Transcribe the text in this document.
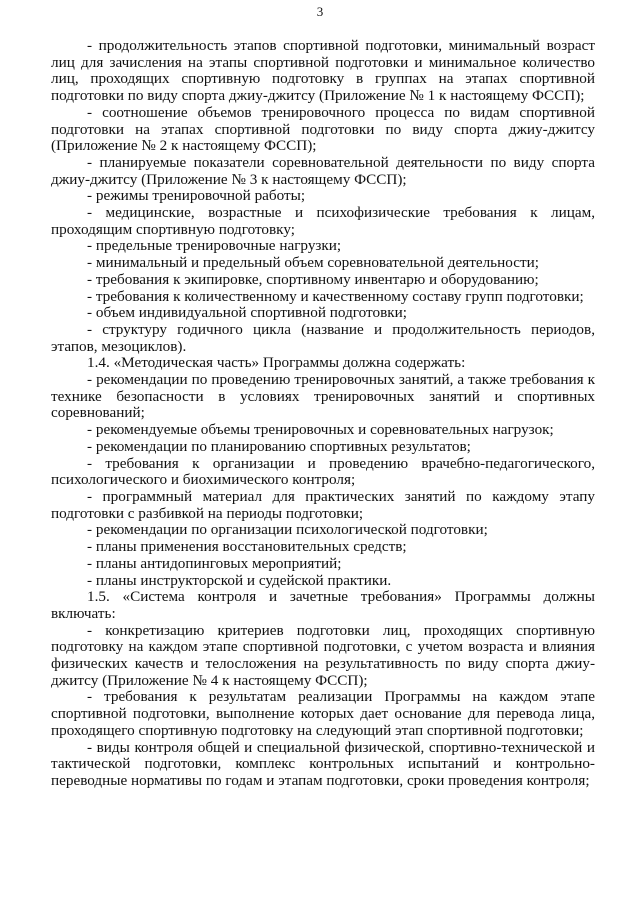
3

- продолжительность этапов спортивной подготовки, минимальный возраст лиц для зачисления на этапы спортивной подготовки и минимальное количество лиц, проходящих спортивную подготовку в группах на этапах спортивной подготовки по виду спорта джиу-джитсу (Приложение № 1 к настоящему ФССП);

- соотношение объемов тренировочного процесса по видам спортивной подготовки на этапах спортивной подготовки по виду спорта джиу-джитсу (Приложение № 2 к настоящему ФССП);

- планируемые показатели соревновательной деятельности по виду спорта джиу-джитсу (Приложение № 3 к настоящему ФССП);

- режимы тренировочной работы;

- медицинские, возрастные и психофизические требования к лицам, проходящим спортивную подготовку;

- предельные тренировочные нагрузки;

- минимальный и предельный объем соревновательной деятельности;

- требования к экипировке, спортивному инвентарю и оборудованию;

- требования к количественному и качественному составу групп подготовки;

- объем индивидуальной спортивной подготовки;

- структуру годичного цикла (название и продолжительность периодов, этапов, мезоциклов).

1.4. «Методическая часть» Программы должна содержать:

- рекомендации по проведению тренировочных занятий, а также требования к технике безопасности в условиях тренировочных занятий и спортивных соревнований;

- рекомендуемые объемы тренировочных и соревновательных нагрузок;

- рекомендации по планированию спортивных результатов;

- требования к организации и проведению врачебно-педагогического, психологического и биохимического контроля;

- программный материал для практических занятий по каждому этапу подготовки с разбивкой на периоды подготовки;

- рекомендации по организации психологической подготовки;

- планы применения восстановительных средств;

- планы антидопинговых мероприятий;

- планы инструкторской и судейской практики.

1.5. «Система контроля и зачетные требования» Программы должны включать:

- конкретизацию критериев подготовки лиц, проходящих спортивную подготовку на каждом этапе спортивной подготовки, с учетом возраста и влияния физических качеств и телосложения на результативность по виду спорта джиу-джитсу (Приложение № 4 к настоящему ФССП);

- требования к результатам реализации Программы на каждом этапе спортивной подготовки, выполнение которых дает основание для перевода лица, проходящего спортивную подготовку на следующий этап спортивной подготовки;

- виды контроля общей и специальной физической, спортивно-технической и тактической подготовки, комплекс контрольных испытаний и контрольно-переводные нормативы по годам и этапам подготовки, сроки проведения контроля;
